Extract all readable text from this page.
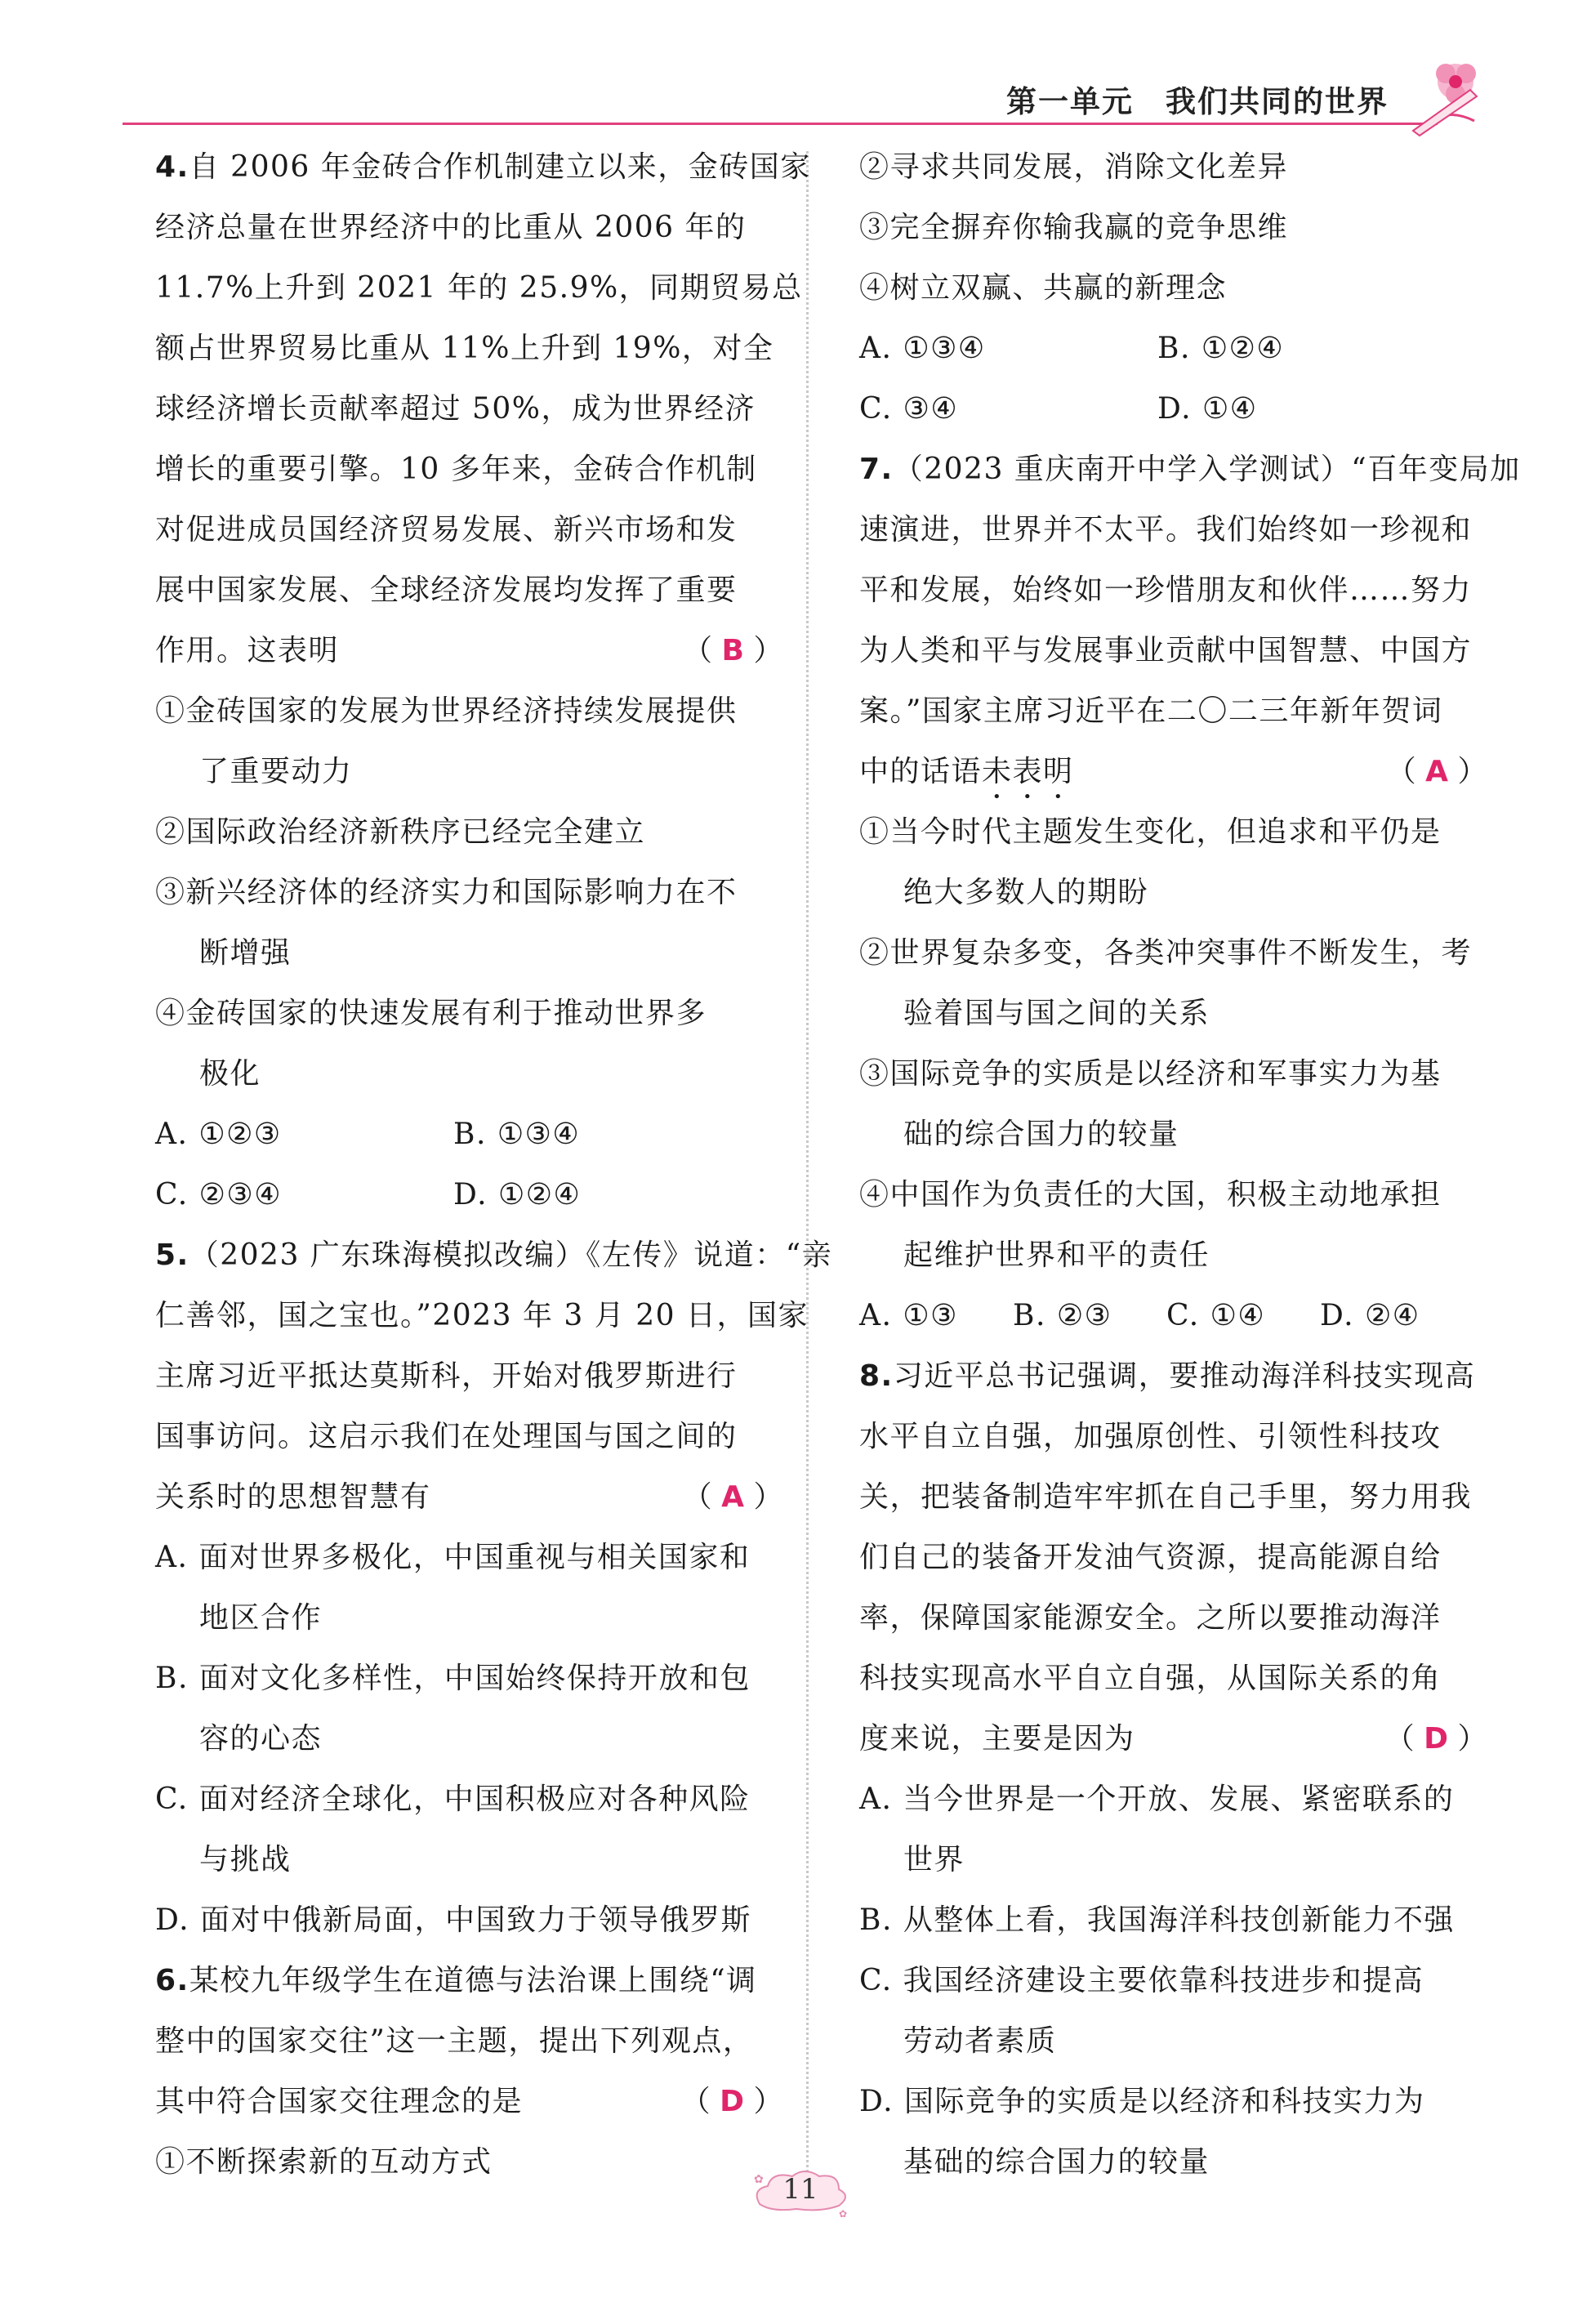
第一单元　我们共同的世界
4.自 2006 年金砖合作机制建立以来，金砖国家
经济总量在世界经济中的比重从 2006 年的
11.7%上升到 2021 年的 25.9%，同期贸易总
额占世界贸易比重从 11%上升到 19%，对全
球经济增长贡献率超过 50%，成为世界经济
增长的重要引擎。10 多年来，金砖合作机制
对促进成员国经济贸易发展、新兴市场和发
展中国家发展、全球经济发展均发挥了重要
作用。这表明	（ B ）
①金砖国家的发展为世界经济持续发展提供
了重要动力
②国际政治经济新秩序已经完全建立
③新兴经济体的经济实力和国际影响力在不
断增强
④金砖国家的快速发展有利于推动世界多
极化
A. ①②③	B. ①③④
C. ②③④	D. ①②④
5.（2023 广东珠海模拟改编）《左传》说道：“亲
仁善邻，国之宝也。”2023 年 3 月 20 日，国家
主席习近平抵达莫斯科，开始对俄罗斯进行
国事访问。这启示我们在处理国与国之间的
关系时的思想智慧有	（ A ）
A. 面对世界多极化，中国重视与相关国家和
地区合作
B. 面对文化多样性，中国始终保持开放和包
容的心态
C. 面对经济全球化，中国积极应对各种风险
与挑战
D. 面对中俄新局面，中国致力于领导俄罗斯
6.某校九年级学生在道德与法治课上围绕“调
整中的国家交往”这一主题，提出下列观点，
其中符合国家交往理念的是	（ D ）
①不断探索新的互动方式
②寻求共同发展，消除文化差异
③完全摒弃你输我赢的竞争思维
④树立双赢、共赢的新理念
A. ①③④	B. ①②④
C. ③④	D. ①④
7.（2023 重庆南开中学入学测试）“百年变局加
速演进，世界并不太平。我们始终如一珍视和
平和发展，始终如一珍惜朋友和伙伴……努力
为人类和平与发展事业贡献中国智慧、中国方
案。”国家主席习近平在二〇二三年新年贺词
中的话语未表明	（ A ）
①当今时代主题发生变化，但追求和平仍是
绝大多数人的期盼
②世界复杂多变，各类冲突事件不断发生，考
验着国与国之间的关系
③国际竞争的实质是以经济和军事实力为基
础的综合国力的较量
④中国作为负责任的大国，积极主动地承担
起维护世界和平的责任
A. ①③	B. ②③	C. ①④	D. ②④
8.习近平总书记强调，要推动海洋科技实现高
水平自立自强，加强原创性、引领性科技攻
关，把装备制造牢牢抓在自己手里，努力用我
们自己的装备开发油气资源，提高能源自给
率，保障国家能源安全。之所以要推动海洋
科技实现高水平自立自强，从国际关系的角
度来说，主要是因为	（ D ）
A. 当今世界是一个开放、发展、紧密联系的
世界
B. 从整体上看，我国海洋科技创新能力不强
C. 我国经济建设主要依靠科技进步和提高
劳动者素质
D. 国际竞争的实质是以经济和科技实力为
基础的综合国力的较量
✿
✿
11
